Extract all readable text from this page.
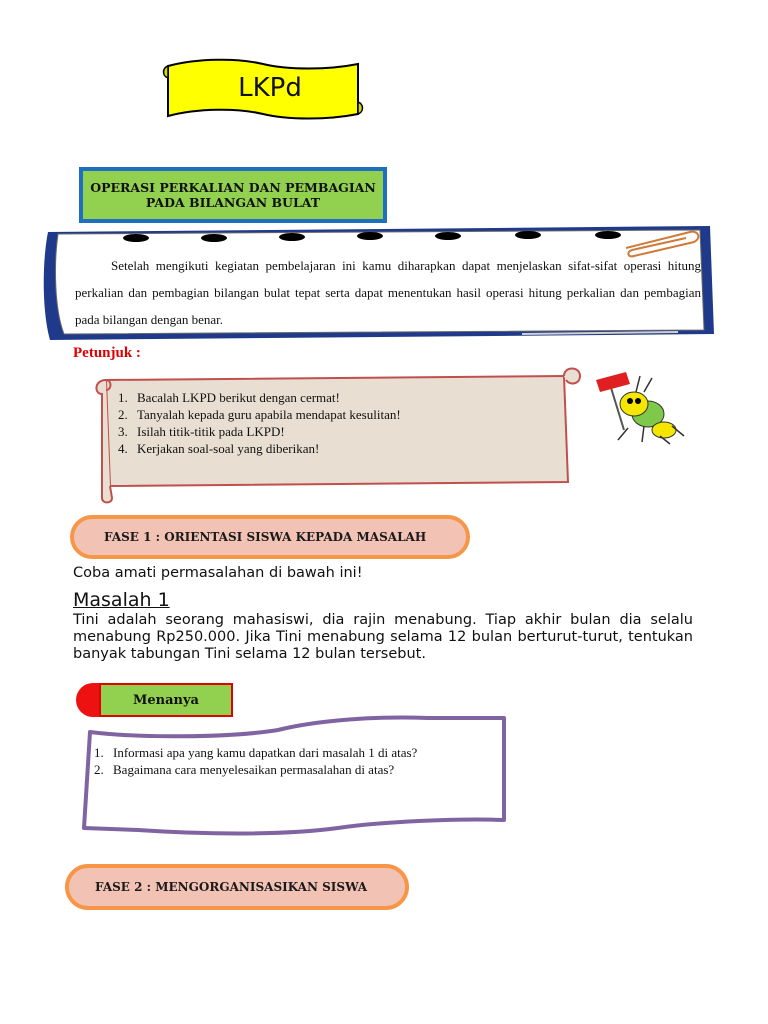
LKPd
OPERASI PERKALIAN DAN PEMBAGIAN
PADA BILANGAN BULAT
Setelah mengikuti kegiatan pembelajaran ini kamu diharapkan dapat menjelaskan sifat-sifat operasi hitung perkalian dan pembagian bilangan bulat tepat serta dapat menentukan hasil operasi hitung perkalian dan pembagian pada bilangan dengan benar.
Petunjuk :
1. Bacalah LKPD berikut dengan cermat!
2. Tanyalah kepada guru apabila mendapat kesulitan!
3. Isilah titik-titik pada LKPD!
4. Kerjakan soal-soal yang diberikan!
FASE 1 : ORIENTASI SISWA KEPADA MASALAH
Coba amati permasalahan di bawah ini!
Masalah 1
Tini adalah seorang mahasiswi, dia rajin menabung. Tiap akhir bulan dia selalu menabung Rp250.000. Jika Tini menabung selama 12 bulan berturut-turut, tentukan banyak tabungan Tini selama 12 bulan tersebut.
Menanya
1. Informasi apa yang kamu dapatkan dari masalah 1 di atas?
2. Bagaimana cara menyelesaikan permasalahan di atas?
FASE 2 : MENGORGANISASIKAN SISWA
